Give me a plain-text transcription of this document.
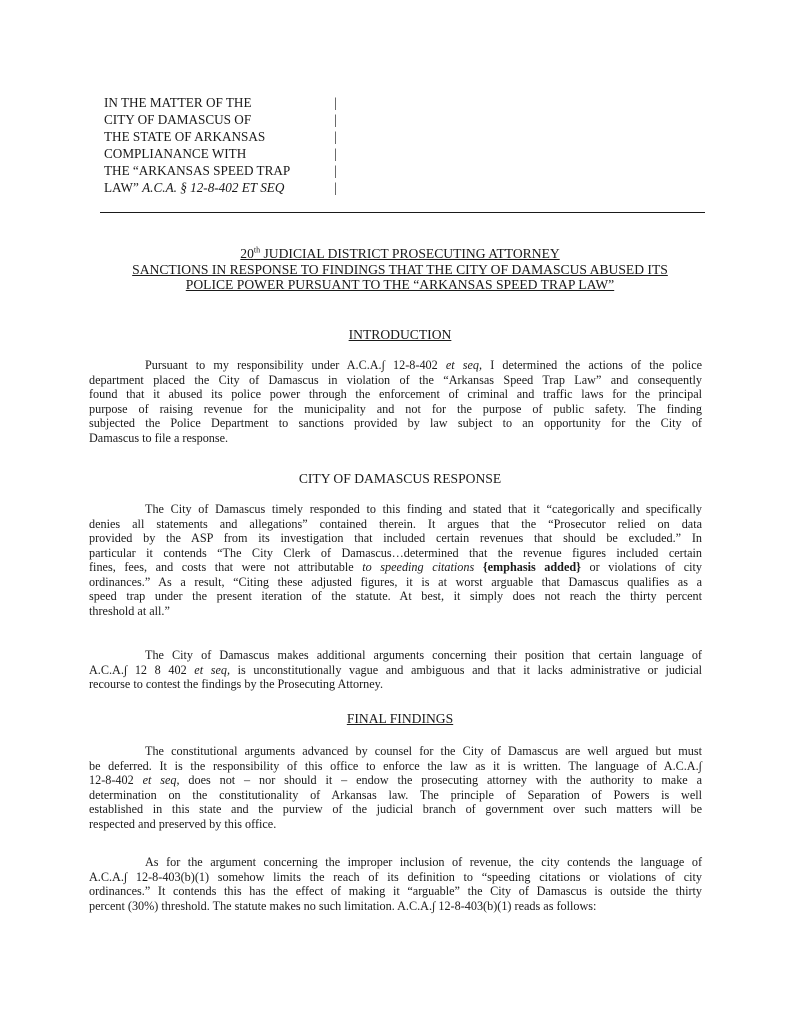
IN THE MATTER OF THE
CITY OF DAMASCUS OF
THE STATE OF ARKANSAS
COMPLIANANCE WITH
THE “ARKANSAS SPEED TRAP
LAW” A.C.A. § 12-8-402 ET SEQ
|
|
|
|
|
|
20th JUDICIAL DISTRICT PROSECUTING ATTORNEY
SANCTIONS IN RESPONSE TO FINDINGS THAT THE CITY OF DAMASCUS ABUSED ITS
POLICE POWER PURSUANT TO THE “ARKANSAS SPEED TRAP LAW”
INTRODUCTION
Pursuant to my responsibility under A.C.A.∫ 12-8-402 et seq, I determined the actions of the police
department placed the City of Damascus in violation of the “Arkansas Speed Trap Law” and consequently
found that it abused its police power through the enforcement of criminal and traffic laws for the principal
purpose of raising revenue for the municipality and not for the purpose of public safety. The finding
subjected the Police Department to sanctions provided by law subject to an opportunity for the City of
Damascus to file a response.
CITY OF DAMASCUS RESPONSE
The City of Damascus timely responded to this finding and stated that it “categorically and specifically
denies all statements and allegations” contained therein. It argues that the “Prosecutor relied on data
provided by the ASP from its investigation that included certain revenues that should be excluded.” In
particular it contends “The City Clerk of Damascus…determined that the revenue figures included certain
fines, fees, and costs that were not attributable to speeding citations {emphasis added} or violations of city
ordinances.” As a result, “Citing these adjusted figures, it is at worst arguable that Damascus qualifies as a
speed trap under the present iteration of the statute. At best, it simply does not reach the thirty percent
threshold at all.”
The City of Damascus makes additional arguments concerning their position that certain language of
A.C.A.∫ 12 8 402 et seq, is unconstitutionally vague and ambiguous and that it lacks administrative or judicial
recourse to contest the findings by the Prosecuting Attorney.
FINAL FINDINGS
The constitutional arguments advanced by counsel for the City of Damascus are well argued but must
be deferred. It is the responsibility of this office to enforce the law as it is written. The language of A.C.A.∫
12-8-402 et seq, does not – nor should it – endow the prosecuting attorney with the authority to make a
determination on the constitutionality of Arkansas law. The principle of Separation of Powers is well
established in this state and the purview of the judicial branch of government over such matters will be
respected and preserved by this office.
As for the argument concerning the improper inclusion of revenue, the city contends the language of
A.C.A.∫ 12-8-403(b)(1) somehow limits the reach of its definition to “speeding citations or violations of city
ordinances.” It contends this has the effect of making it “arguable” the City of Damascus is outside the thirty
percent (30%) threshold. The statute makes no such limitation. A.C.A.∫ 12-8-403(b)(1) reads as follows:
